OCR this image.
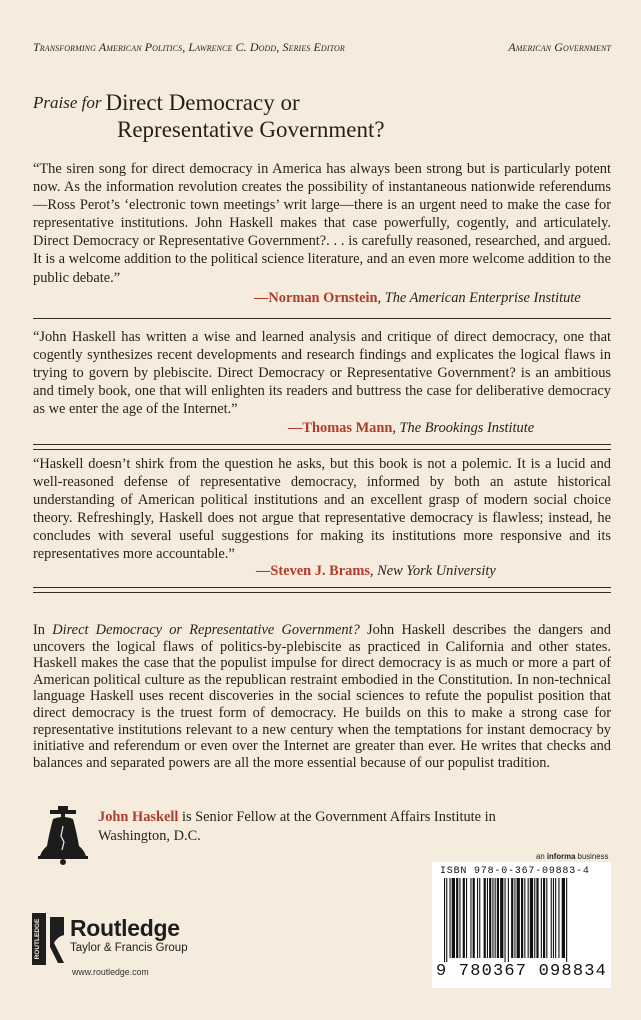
Transforming American Politics, Lawrence C. Dodd, Series Editor	American Government
Praise for Direct Democracy or
Representative Government?
“The siren song for direct democracy in America has always been strong but is particularly potent now. As the information revolution creates the possibility of instantaneous nationwide referendums—Ross Perot’s ‘electronic town meetings’ writ large—there is an urgent need to make the case for representative institutions. John Haskell makes that case powerfully, cogently, and articulately. Direct Democracy or Representative Government?. . . is carefully reasoned, researched, and argued. It is a welcome addition to the political science literature, and an even more welcome addition to the public debate.”
—Norman Ornstein, The American Enterprise Institute
“John Haskell has written a wise and learned analysis and critique of direct democracy, one that cogently synthesizes recent developments and research findings and explicates the logical flaws in trying to govern by plebiscite. Direct Democracy or Representative Government? is an ambitious and timely book, one that will enlighten its readers and buttress the case for deliberative democracy as we enter the age of the Internet.”
—Thomas Mann, The Brookings Institute
“Haskell doesn’t shirk from the question he asks, but this book is not a polemic. It is a lucid and well-reasoned defense of representative democracy, informed by both an astute historical understanding of American political institutions and an excellent grasp of modern social choice theory. Refreshingly, Haskell does not argue that representative democracy is flawless; instead, he concludes with several useful suggestions for making its institutions more responsive and its representatives more accountable.”
—Steven J. Brams, New York University
In Direct Democracy or Representative Government? John Haskell describes the dangers and uncovers the logical flaws of politics-by-plebiscite as practiced in California and other states. Haskell makes the case that the populist impulse for direct democracy is as much or more a part of American political culture as the republican restraint embodied in the Constitution. In non-technical language Haskell uses recent discoveries in the social sciences to refute the populist position that direct democracy is the truest form of democracy. He builds on this to make a strong case for representative institutions relevant to a new century when the temptations for instant democracy by initiative and referendum or even over the Internet are greater than ever. He writes that checks and balances and separated powers are all the more essential because of our populist tradition.
John Haskell is Senior Fellow at the Government Affairs Institute in Washington, D.C.
ROUTLEDGE Routledge
Taylor & Francis Group
www.routledge.com
an informa business
ISBN 978-0-367-09883-4
9 780367 098834
